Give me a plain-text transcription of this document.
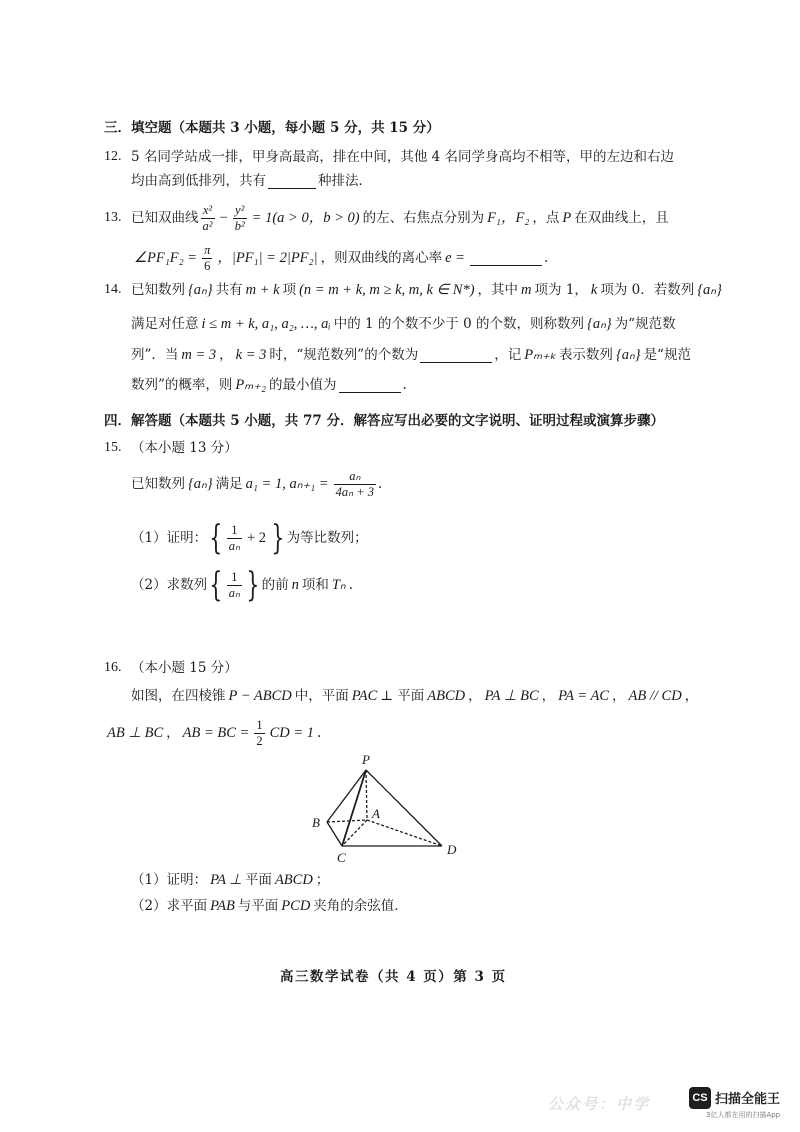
三．填空题（本题共 3 小题，每小题 5 分，共 15 分）
12. 5 名同学站成一排，甲身高最高，排在中间，其他 4 名同学身高均不相等，甲的左边和右边
均由高到低排列，共有	种排法．
13. 已知双曲线 $\frac{\text{x²}}{\text{a²}} - \frac{\text{y²}}{\text{b²}} = 1(a > 0$，b > 0) 的左、右焦点分别为 F₁，F₂ ，点 P 在双曲线上，且
∠PF₁F₂ = $\frac{\pi}{6}$ ，|PF₁| = 2|PF₂| ，则双曲线的离心率 e =	.
14. 已知数列 {aₙ} 共有 m + k 项 (n = m + k, m ≥ k, m, k ∈ N*) ，其中 m 项为 1， k 项为 0．若数列 {aₙ}
满足对任意 i ≤ m + k, a₁, a₂, …, aᵢ 中的 1 的个数不少于 0 的个数，则称数列 {aₙ} 为“规范数
列”．当 m = 3 ， k = 3 时，“规范数列”的个数为	，记 Pₘ₊ₖ 表示数列 {aₙ} 是“规范
数列”的概率，则 Pₘ₊₂ 的最小值为	.
四．解答题（本题共 5 小题，共 77 分．解答应写出必要的文字说明、证明过程或演算步骤）
15. （本小题 13 分）
已知数列 {aₙ} 满足 a₁ = 1, $a_{n+1} = \frac{\text{aₙ}}{\text{4aₙ + 3}}$ .
（1）证明： { $\frac{1}{\text{aₙ}} + 2$ } 为等比数列；
（2）求数列 { $\frac{1}{\text{aₙ}}$ } 的前 n 项和 Tₙ .
16. （本小题 15 分）
如图，在四棱锥 P − ABCD 中，平面 PAC ⊥ 平面 ABCD ， PA ⊥ BC ， PA = AC ， AB // CD ，
AB ⊥ BC ， AB = BC = $\frac{1}{2}$ CD = 1 .
P
A
B
C
D
（1）证明： PA ⊥ 平面 ABCD ；
（2）求平面 PAB 与平面 PCD 夹角的余弦值．
高三数学试卷（共 4 页）第 3 页
公众号：中学	CS 扫描全能王
3亿人都在用的扫描App
